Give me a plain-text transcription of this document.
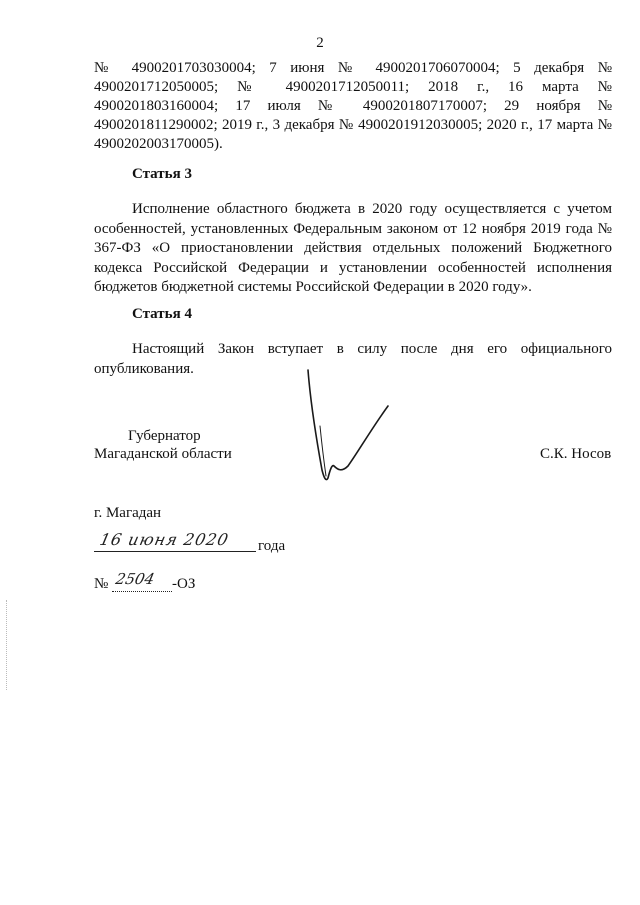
2
№ 4900201703030004; 7 июня № 4900201706070004; 5 декабря № 4900201712050005; № 4900201712050011; 2018 г., 16 марта № 4900201803160004; 17 июля № 4900201807170007; 29 ноября № 4900201811290002; 2019 г., 3 декабря № 4900201912030005; 2020 г., 17 марта № 4900202003170005).
Статья 3
Исполнение областного бюджета в 2020 году осуществляется с учетом особенностей, установленных Федеральным законом от 12 ноября 2019 года № 367-ФЗ «О приостановлении действия отдельных положений Бюджетного кодекса Российской Федерации и установлении особенностей исполнения бюджетов бюджетной системы Российской Федерации в 2020 году».
Статья 4
Настоящий Закон вступает в силу после дня его официального опубликования.
Губернатор
Магаданской области	С.К. Носов
г. Магадан
16 июня 2020 года
№ 2504 -ОЗ
